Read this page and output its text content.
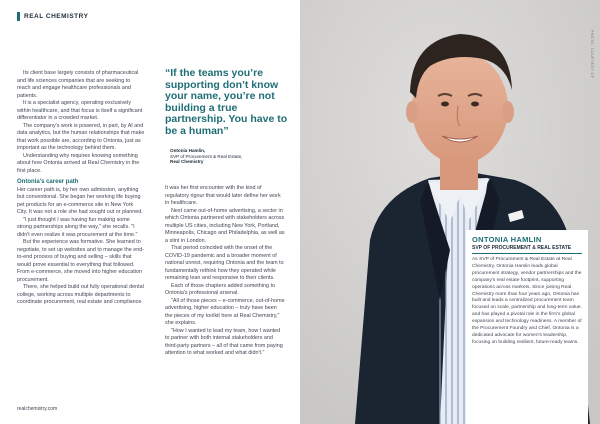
REAL CHEMISTRY

Its client base largely consists of pharmaceutical and life sciences companies that are seeking to reach and engage healthcare professionals and patients.

It is a specialist agency, operating exclusively within healthcare, and that focus is itself a significant differentiator in a crowded market.

The company's work is powered, in part, by AI and data analytics, but the human relationships that make that work possible are, according to Ontonia, just as important as the technology behind them.

Understanding why requires knowing something about how Ontonia arrived at Real Chemistry in the first place.

Ontonia's career path

Her career path is, by her own admission, anything but conventional. She began her working life buying pet products for an e-commerce site in New York City. It was not a role she had sought out or planned.

"I just thought I was having fun making some strong partnerships along the way," she recalls. "I didn't even realize it was procurement at the time."

But the experience was formative. She learned to negotiate, to set up websites and to manage the end-to-end process of buying and selling – skills that would prove essential to everything that followed. From e-commerce, she moved into higher education procurement.

There, she helped build out fully operational dental college, working across multiple departments to coordinate procurement, real estate and compliance.

“If the teams you’re supporting don’t know your name, you’re not building a true partnership. You have to be a human”
Ontonia Hamlin,
SVP of Procurement & Real Estate,
Real Chemistry

It was her first encounter with the kind of regulatory rigour that would later define her work in healthcare.

Next came out-of-home advertising, a sector in which Ontonia partnered with stakeholders across multiple US cities, including New York, Portland, Minneapolis, Chicago and Philadelphia, as well as a stint in London.

That period coincided with the onset of the COVID-19 pandemic and a broader moment of national unrest, requiring Ontonia and the team to fundamentally rethink how they operated while remaining lean and responsive to their clients.

Each of those chapters added something to Ontonia's professional arsenal.

"All of those pieces – e-commerce, out-of-home advertising, higher education – truly have been the pieces of my toolkit here at Real Chemistry," she explains.

"How I wanted to lead my team, how I wanted to partner with both internal stakeholders and third-party partners – all of that came from paying attention to what worked and what didn't."

realchemistry.com
PHOTO: COURTESY OF
ONTONIA HAMLIN
SVP OF PROCUREMENT & REAL ESTATE
As SVP of Procurement & Real Estate at Real Chemistry, Ontonia Hamlin leads global procurement strategy, vendor partnerships and the company's real estate footprint, supporting operations across markets. Since joining Real Chemistry more than four years ago, Ontonia has built and leads a centralized procurement team focused on scale, partnership and long-term value, and has played a pivotal role in the firm's global expansion and technology readiness. A member of the Procurement Foundry and Chief, Ontonia is a dedicated advocate for women's leadership, focusing on building resilient, future-ready teams.
